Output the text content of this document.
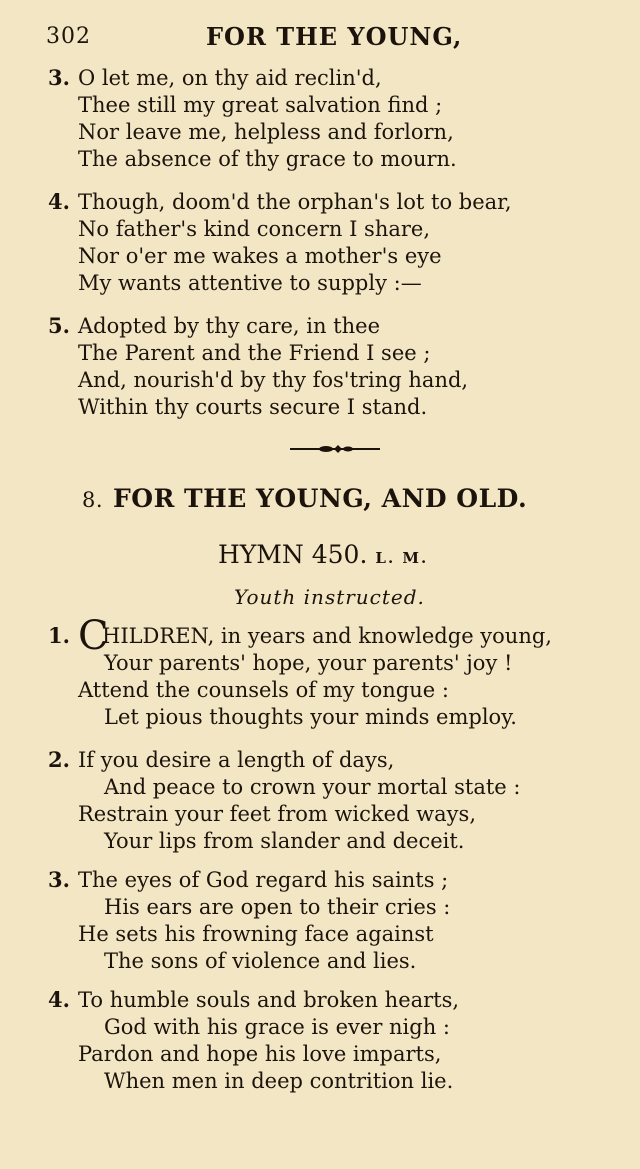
302	FOR THE YOUNG,
3. O let me, on thy aid reclin'd,
Thee still my great salvation find ;
Nor leave me, helpless and forlorn,
The absence of thy grace to mourn.
4. Though, doom'd the orphan's lot to bear,
No father's kind concern I share,
Nor o'er me wakes a mother's eye
My wants attentive to supply :—
5. Adopted by thy care, in thee
The Parent and the Friend I see ;
And, nourish'd by thy fos'tring hand,
Within thy courts secure I stand.
8. FOR THE YOUNG, AND OLD.
HYMN 450. L. M.
Youth instructed.
1. CHILDREN, in years and knowledge young,
Your parents' hope, your parents' joy !
Attend the counsels of my tongue :
Let pious thoughts your minds employ.
2. If you desire a length of days,
And peace to crown your mortal state :
Restrain your feet from wicked ways,
Your lips from slander and deceit.
3. The eyes of God regard his saints ;
His ears are open to their cries :
He sets his frowning face against
The sons of violence and lies.
4. To humble souls and broken hearts,
God with his grace is ever nigh :
Pardon and hope his love imparts,
When men in deep contrition lie.
